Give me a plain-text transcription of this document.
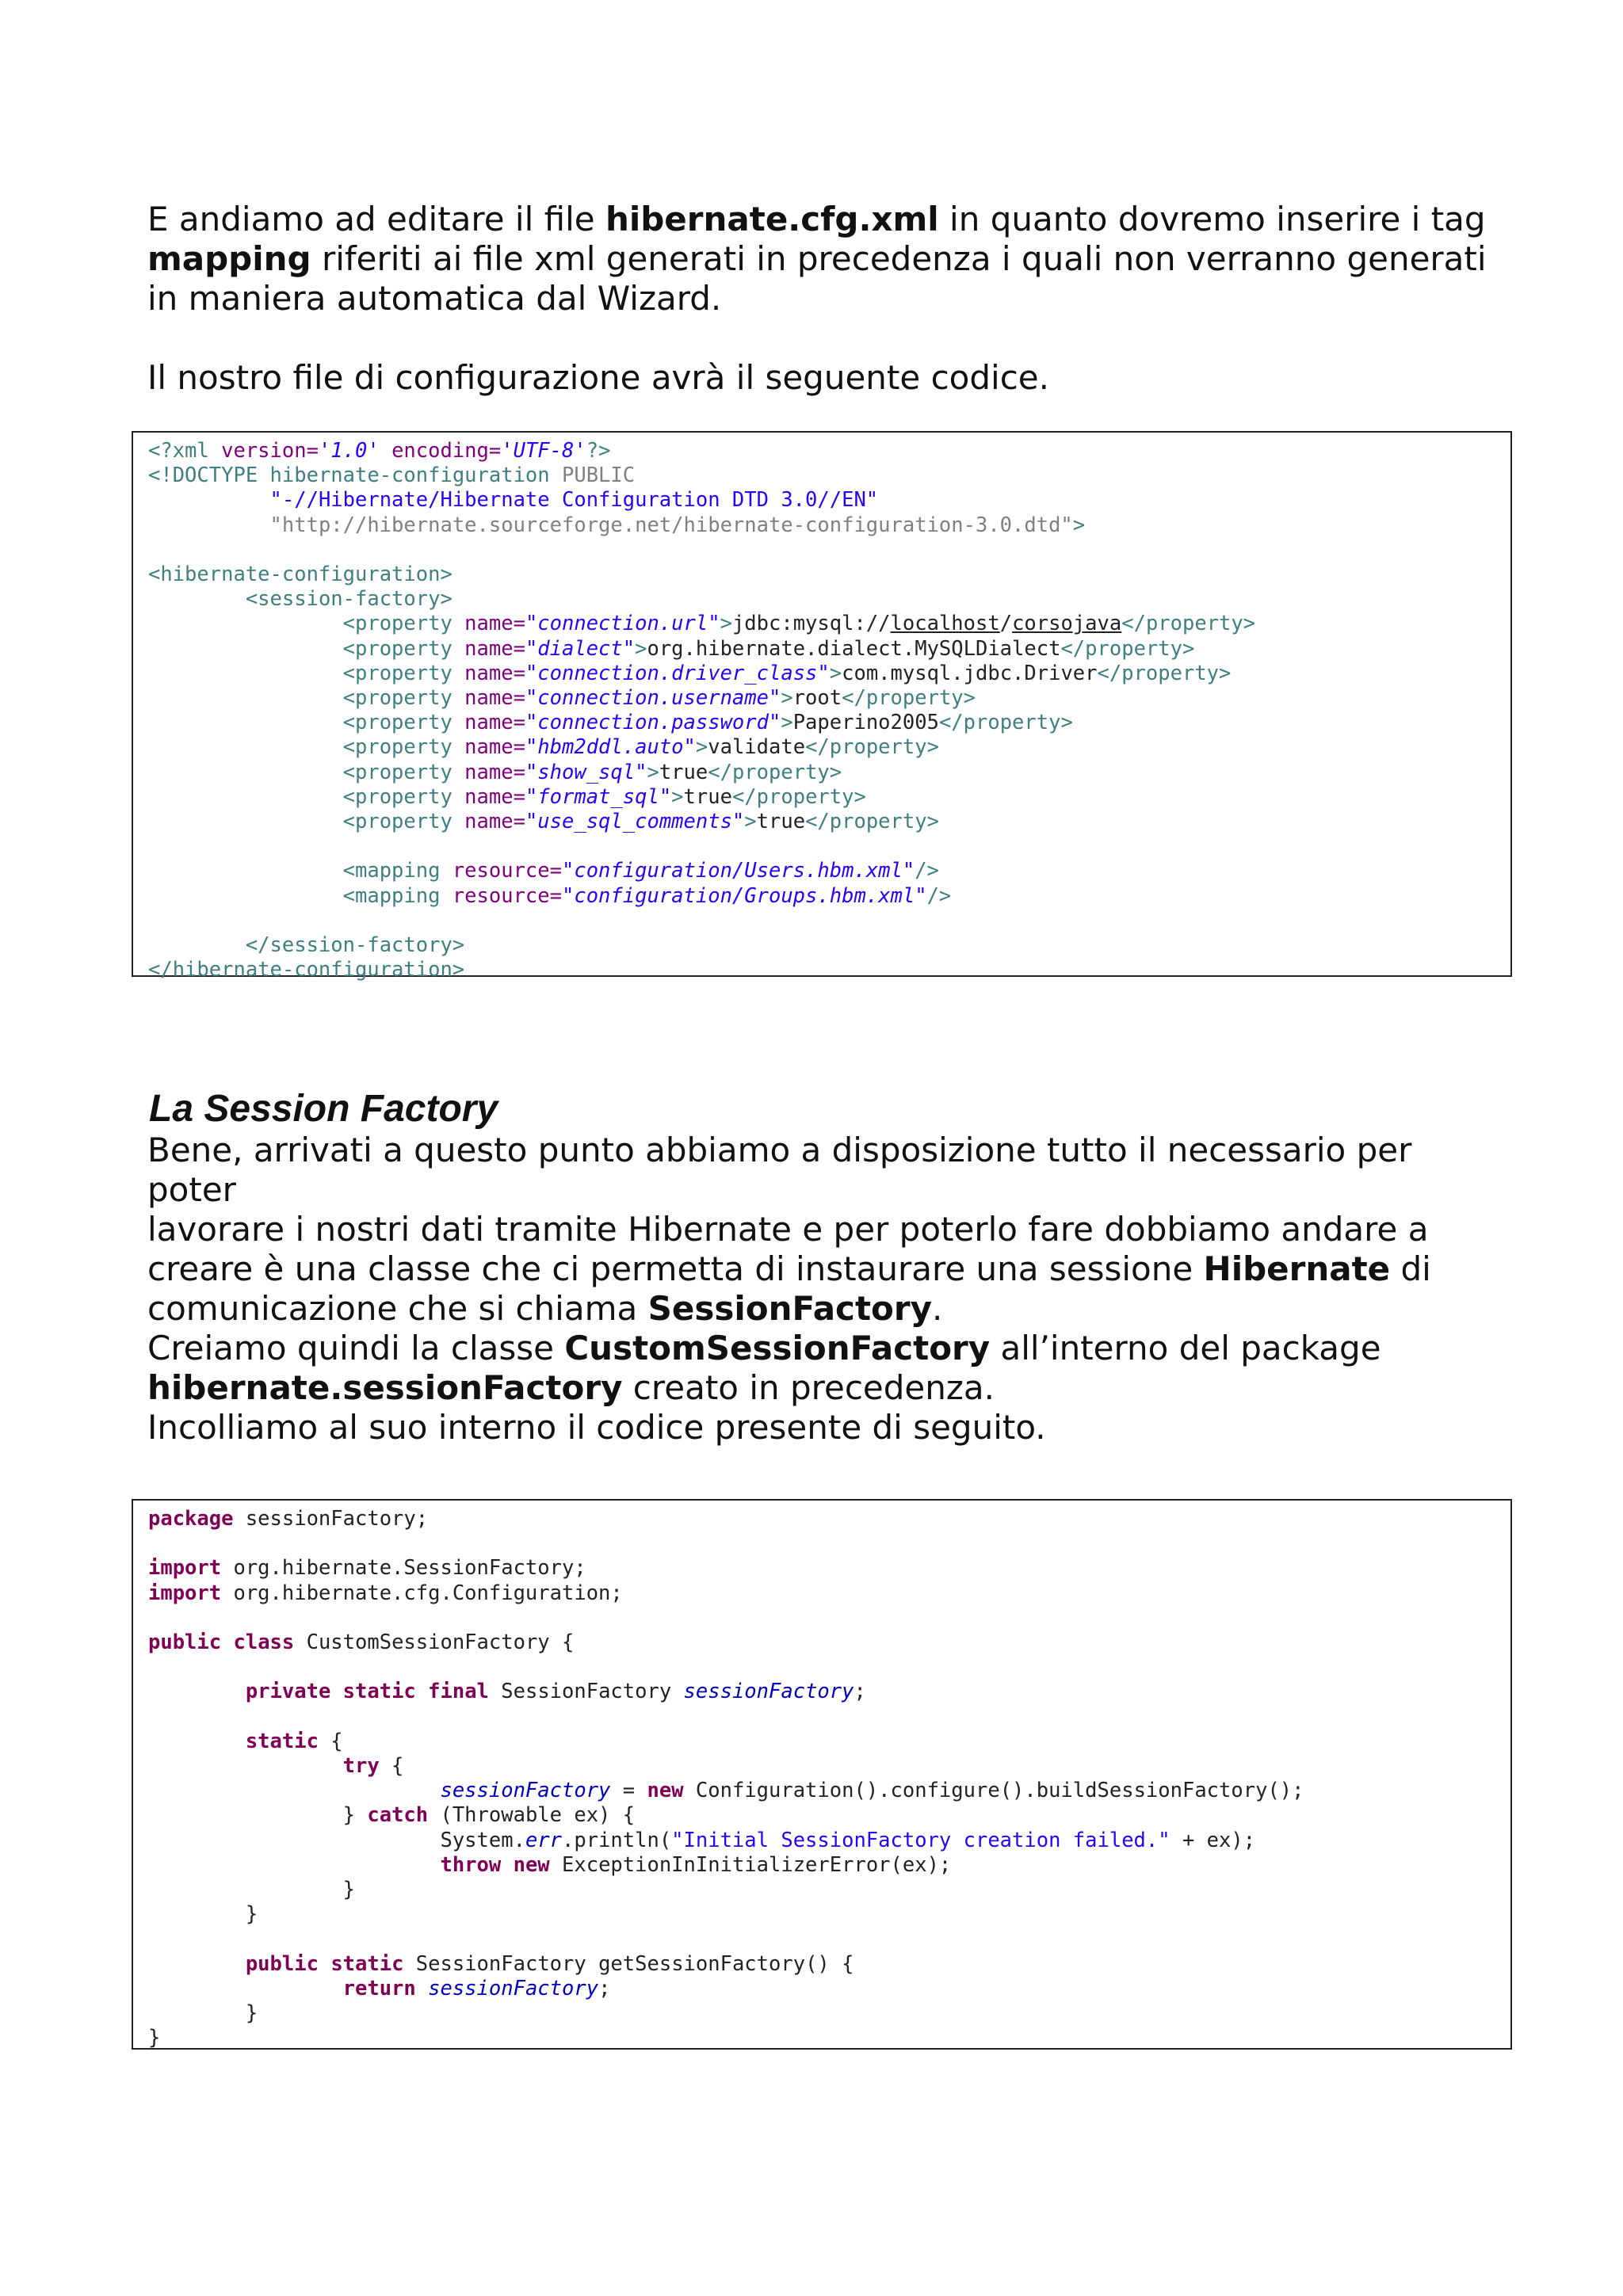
E andiamo ad editare il file hibernate.cfg.xml in quanto dovremo inserire i tag
mapping riferiti ai file xml generati in precedenza i quali non verranno generati
in maniera automatica dal Wizard.
Il nostro file di configurazione avrà il seguente codice.
<?xml version='1.0' encoding='UTF-8'?>
<!DOCTYPE hibernate-configuration PUBLIC
"-//Hibernate/Hibernate Configuration DTD 3.0//EN"
"http://hibernate.sourceforge.net/hibernate-configuration-3.0.dtd">

<hibernate-configuration>
<session-factory>
<property name="connection.url">jdbc:mysql://localhost/corsojava</property>
<property name="dialect">org.hibernate.dialect.MySQLDialect</property>
<property name="connection.driver_class">com.mysql.jdbc.Driver</property>
<property name="connection.username">root</property>
<property name="connection.password">Paperino2005</property>
<property name="hbm2ddl.auto">validate</property>
<property name="show_sql">true</property>
<property name="format_sql">true</property>
<property name="use_sql_comments">true</property>

<mapping resource="configuration/Users.hbm.xml"/>
<mapping resource="configuration/Groups.hbm.xml"/>

</session-factory>
</hibernate-configuration>
La Session Factory
Bene, arrivati a questo punto abbiamo a disposizione tutto il necessario per poter
lavorare i nostri dati tramite Hibernate e per poterlo fare dobbiamo andare a
creare è una classe che ci permetta di instaurare una sessione Hibernate di
comunicazione che si chiama SessionFactory.
Creiamo quindi la classe CustomSessionFactory all’interno del package
hibernate.sessionFactory creato in precedenza.
Incolliamo al suo interno il codice presente di seguito.
package sessionFactory;

import org.hibernate.SessionFactory;
import org.hibernate.cfg.Configuration;

public class CustomSessionFactory {

private static final SessionFactory sessionFactory;

static {
try {
sessionFactory = new Configuration().configure().buildSessionFactory();
} catch (Throwable ex) {
System.err.println("Initial SessionFactory creation failed." + ex);
throw new ExceptionInInitializerError(ex);
}
}

public static SessionFactory getSessionFactory() {
return sessionFactory;
}
}
